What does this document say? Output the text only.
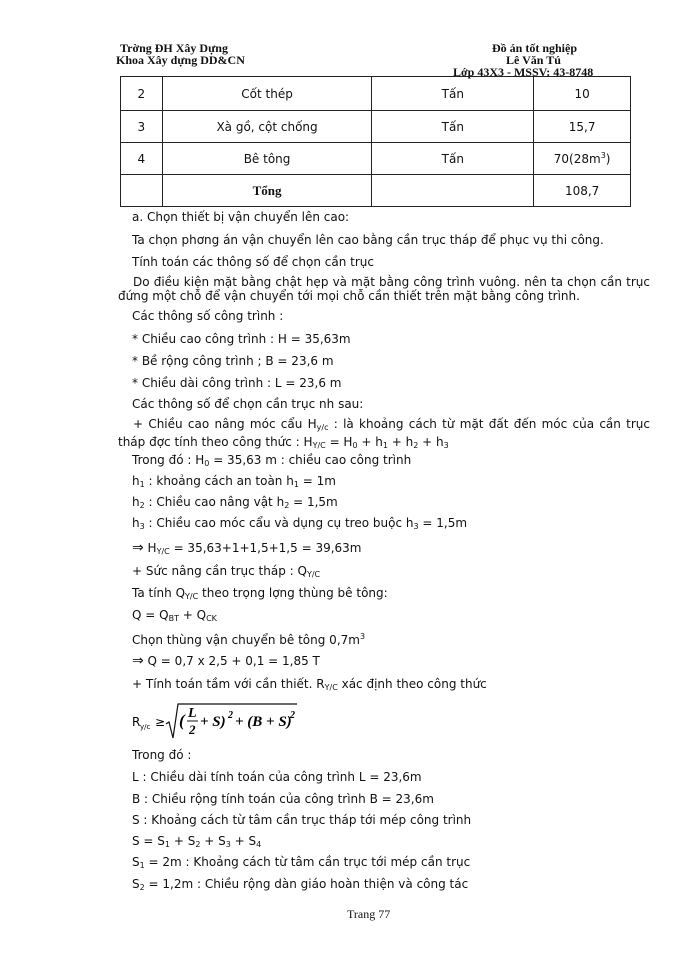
Trờng ĐH Xây Dựng
Khoa Xây dựng DD&CN
Đồ án tốt nghiệp
Lê Văn Tú
Lớp 43X3 - MSSV: 43-8748
2	Cốt thép	Tấn	10
3	Xà gồ, cột chống	Tấn	15,7
4	Bê tông	Tấn	$70(28m^3)$
	Tổng		108,7
a. Chọn thiết bị vận chuyển lên cao:
Ta chọn phơng án vận chuyển lên cao bằng cần trục tháp để phục vụ thi công.
Tính toán các thông số để chọn cần trục
Do điều kiện mặt bằng chật hẹp và mặt bằng công trình vuông. nên ta chọn cần trục đứng một chỗ để vận chuyển tới mọi chỗ cần thiết trên mặt bằng công trình.
Các thông số công trình :
* Chiều cao công trình : H = 35,63m
* Bề rộng công trình ; B = 23,6 m
* Chiều dài công trình : L = 23,6 m
Các thông số để chọn cần trục nh sau:
+ Chiều cao nâng móc cẩu $H_{y/c}$ : là khoảng cách từ mặt đất đến móc của cần trục tháp đợc tính theo công thức : $H_{Y/C} = H_0 + h_1 + h_2 + h_3$
Trong đó : $H_0 = 35,63$ m : chiều cao công trình
$h_1$ : khoảng cách an toàn $h_1 = 1m$
$h_2$ : Chiều cao nâng vật $h_2 = 1,5m$
$h_3$ : Chiều cao móc cẩu và dụng cụ treo buộc $h_3 = 1,5m$
⇒ $H_{Y/C} = 35,63+1+1,5+1,5 = 39,63m$
+ Sức nâng cần trục tháp : $Q_{Y/C}$
Ta tính $Q_{Y/C}$ theo trọng lợng thùng bê tông:
$Q = Q_{BT} + Q_{CK}$
Chọn thùng vận chuyển bê tông $0,7m^3$
⇒ Q = 0,7 x 2,5 + 0,1 = 1,85 T
+ Tính toán tầm với cần thiết. $R_{Y/C}$ xác định theo công thức
R y/c ≥ ( L
2 + S) 2 + (B + S)
2
Trong đó :
L : Chiều dài tính toán của công trình L = 23,6m
B : Chiều rộng tính toán của công trình B = 23,6m
S : Khoảng cách từ tâm cần trục tháp tới mép công trình
$S = S_1 + S_2 + S_3 + S_4$
$S_1 = 2m$ : Khoảng cách từ tâm cần trục tới mép cần trục
$S_2 = 1,2m$ : Chiều rộng dàn giáo hoàn thiện và công tác
Trang 77
